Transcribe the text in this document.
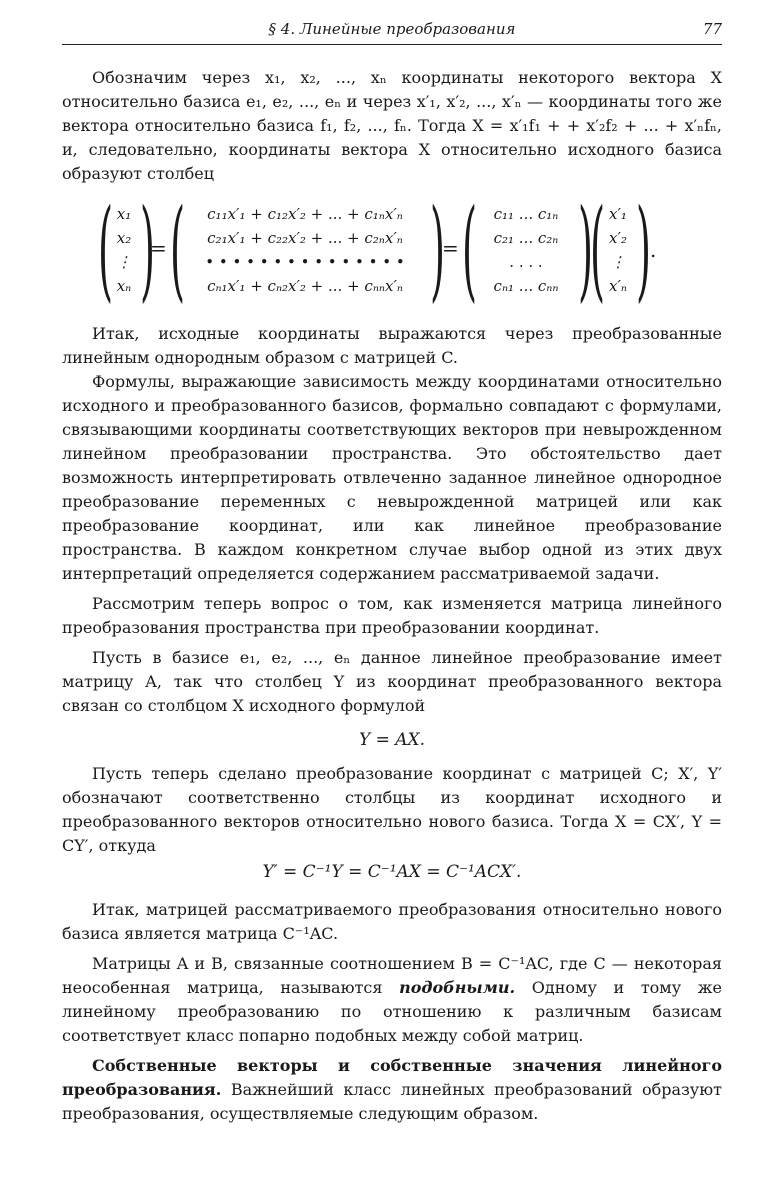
§ 4. Линейные преобразования	77

Обозначим через x₁, x₂, ..., xₙ координаты некоторого вектора X относительно базиса e₁, e₂, ..., eₙ и через x′₁, x′₂, ..., x′ₙ — координаты того же вектора относительно базиса f₁, f₂, ..., fₙ. Тогда X = x′₁f₁ + + x′₂f₂ + ... + x′ₙfₙ, и, следовательно, координаты вектора X относительно исходного базиса образуют столбец

( x₁
x₂
⋮
xₙ )
= (	c₁₁x′₁ + c₁₂x′₂ + ... + c₁ₙx′ₙ
c₂₁x′₁ + c₂₂x′₂ + ... + c₂ₙx′ₙ
• • • • • • • • • • • • • • •
cₙ₁x′₁ + cₙ₂x′₂ + ... + cₙₙx′ₙ )
= (	c₁₁ ... c₁ₙ
c₂₁ ... c₂ₙ
. . . .
cₙ₁ ... cₙₙ )
( x′₁
x′₂
⋮
x′ₙ )
.

Итак, исходные координаты выражаются через преобразованные линейным однородным образом с матрицей C.

Формулы, выражающие зависимость между координатами относительно исходного и преобразованного базисов, формально совпадают с формулами, связывающими координаты соответствующих векторов при невырожденном линейном преобразовании пространства. Это обстоятельство дает возможность интерпретировать отвлеченно заданное линейное однородное преобразование переменных с невырожденной матрицей или как преобразование координат, или как линейное преобразование пространства. В каждом конкретном случае выбор одной из этих двух интерпретаций определяется содержанием рассматриваемой задачи.

Рассмотрим теперь вопрос о том, как изменяется матрица линейного преобразования пространства при преобразовании координат.

Пусть в базисе e₁, e₂, ..., eₙ данное линейное преобразование имеет матрицу A, так что столбец Y из координат преобразованного вектора связан со столбцом X исходного формулой

Y = AX.

Пусть теперь сделано преобразование координат с матрицей C; X′, Y′ обозначают соответственно столбцы из координат исходного и преобразованного векторов относительно нового базиса. Тогда X = CX′, Y = CY′, откуда

Y′ = C⁻¹Y = C⁻¹AX = C⁻¹ACX′.

Итак, матрицей рассматриваемого преобразования относительно нового базиса является матрица C⁻¹AC.

Матрицы A и B, связанные соотношением B = C⁻¹AC, где C — некоторая неособенная матрица, называются подобными. Одному и тому же линейному преобразованию по отношению к различным базисам соответствует класс попарно подобных между собой матриц.

Собственные векторы и собственные значения линейного преобразования. Важнейший класс линейных преобразований образуют преобразования, осуществляемые следующим образом.
